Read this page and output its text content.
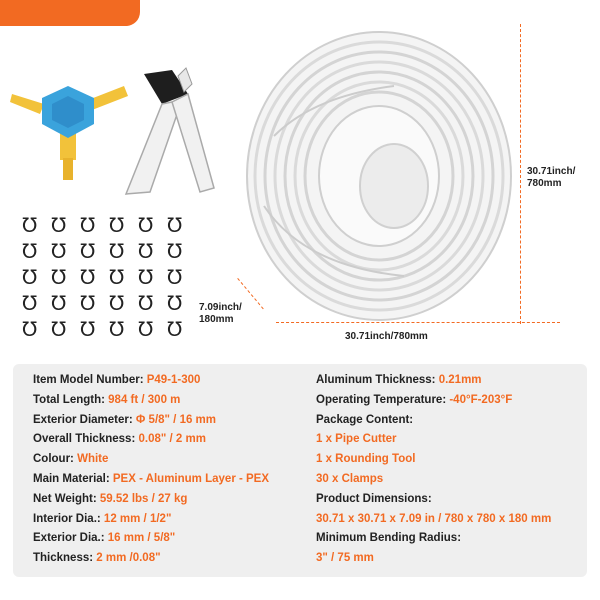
30.71inch/
780mm
7.09inch/
180mm
30.71inch/780mm
℧ ℧ ℧ ℧ ℧ ℧
℧ ℧ ℧ ℧ ℧ ℧
℧ ℧ ℧ ℧ ℧ ℧
℧ ℧ ℧ ℧ ℧ ℧
℧ ℧ ℧ ℧ ℧ ℧
Item Model Number: P49-1-300
Total Length: 984 ft / 300 m
Exterior Diameter: Φ 5/8" / 16 mm
Overall Thickness: 0.08" / 2 mm
Colour: White
Main Material: PEX - Aluminum Layer - PEX
Net Weight: 59.52 lbs / 27 kg
Interior Dia.: 12 mm / 1/2"
Exterior Dia.: 16 mm / 5/8"
Thickness: 2 mm /0.08"
Aluminum Thickness: 0.21mm
Operating Temperature: -40°F-203°F
Package Content:
1 x Pipe Cutter
1 x Rounding Tool
30 x Clamps
Product Dimensions:
30.71 x 30.71 x 7.09 in / 780 x 780 x 180 mm
Minimum Bending Radius:
3" / 75 mm
